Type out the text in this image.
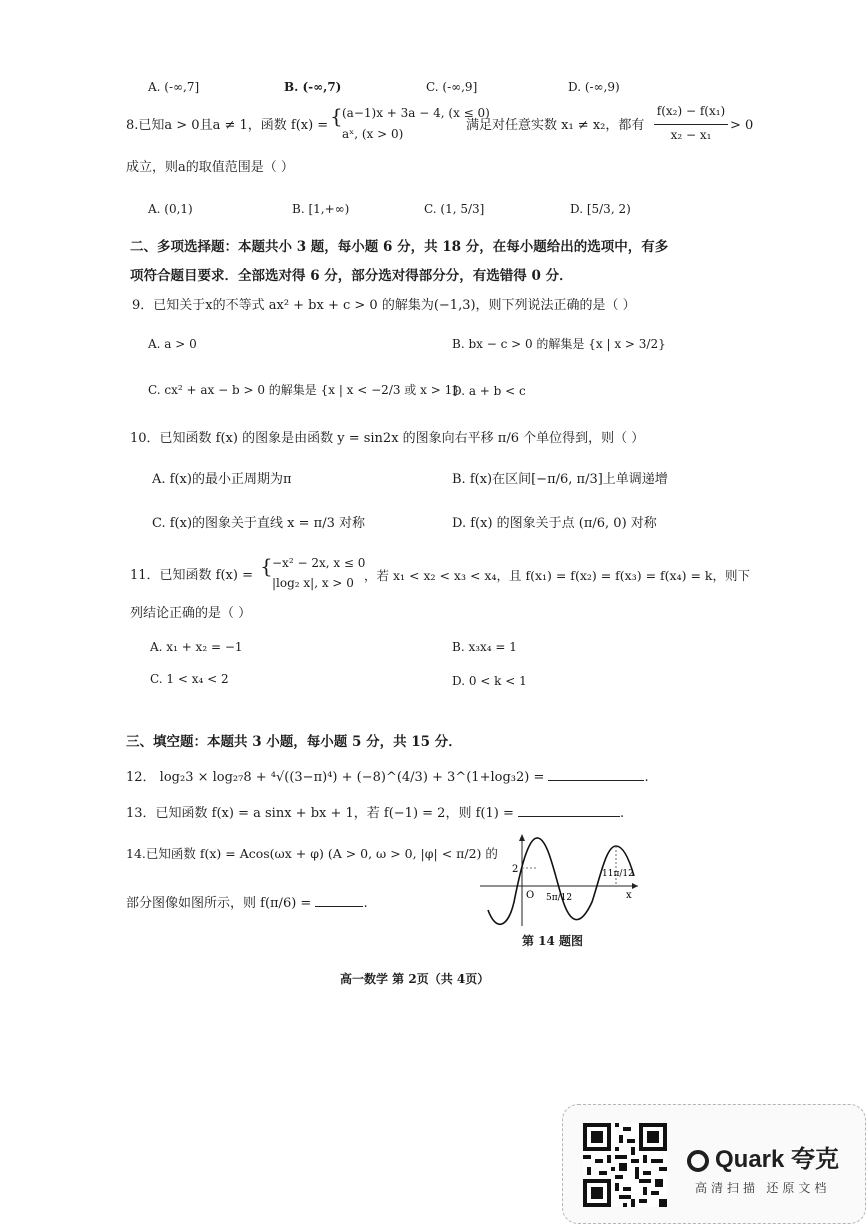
A. (-∞,7]	B. (-∞,7)	C. (-∞,9]	D. (-∞,9)
8.已知a > 0且a ≠ 1，函数 f(x) = { (a−1)x + 3a − 4, (x ≤ 0)
aˣ, (x > 0)
满足对任意实数 x₁ ≠ x₂，都有
f(x₂) − f(x₁)
x₂ − x₁
> 0
成立，则a的取值范围是（ ）
A. (0,1)	B. [1,+∞)	C. (1, 5/3]	D. [5/3, 2)
二、多项选择题：本题共小 3 题，每小题 6 分，共 18 分，在每小题给出的选项中，有多
项符合题目要求．全部选对得 6 分，部分选对得部分分，有选错得 0 分．
9．已知关于x的不等式 ax² + bx + c > 0 的解集为(−1,3)，则下列说法正确的是（ ）
A. a > 0	B. bx − c > 0 的解集是 {x | x > 3/2}
C. cx² + ax − b > 0 的解集是 {x | x < −2/3 或 x > 1}
D. a + b < c
10．已知函数 f(x) 的图象是由函数 y = sin2x 的图象向右平移 π/6 个单位得到，则（ ）
A. f(x)的最小正周期为π	B. f(x)在区间[−π/6, π/3]上单调递增
C. f(x)的图象关于直线 x = π/3 对称	D. f(x) 的图象关于点 (π/6, 0) 对称
11．已知函数 f(x) = { −x² − 2x, x ≤ 0
|log₂ x|, x > 0 ，若 x₁ < x₂ < x₃ < x₄，且 f(x₁) = f(x₂) = f(x₃) = f(x₄) = k，则下
列结论正确的是（ ）
A. x₁ + x₂ = −1	B. x₃x₄ = 1
C. 1 < x₄ < 2	D. 0 < k < 1
三、填空题：本题共 3 小题，每小题 5 分，共 15 分．
12． log₂3 × log₂₇8 + ⁴√((3−π)⁴) + (−8)^(4/3) + 3^(1+log₃2) =	.
13．已知函数 f(x) = a sinx + bx + 1，若 f(−1) = 2，则 f(1) =	.
14.已知函数 f(x) = Acos(ωx + φ) (A > 0, ω > 0, |φ| < π/2) 的
部分图像如图所示，则 f(π/6) =	.
2
O 5π/12
11π/12
x
第 14 题图
高一数学 第 2页（共 4页）
Quark 夸克
高清扫描 还原文档
